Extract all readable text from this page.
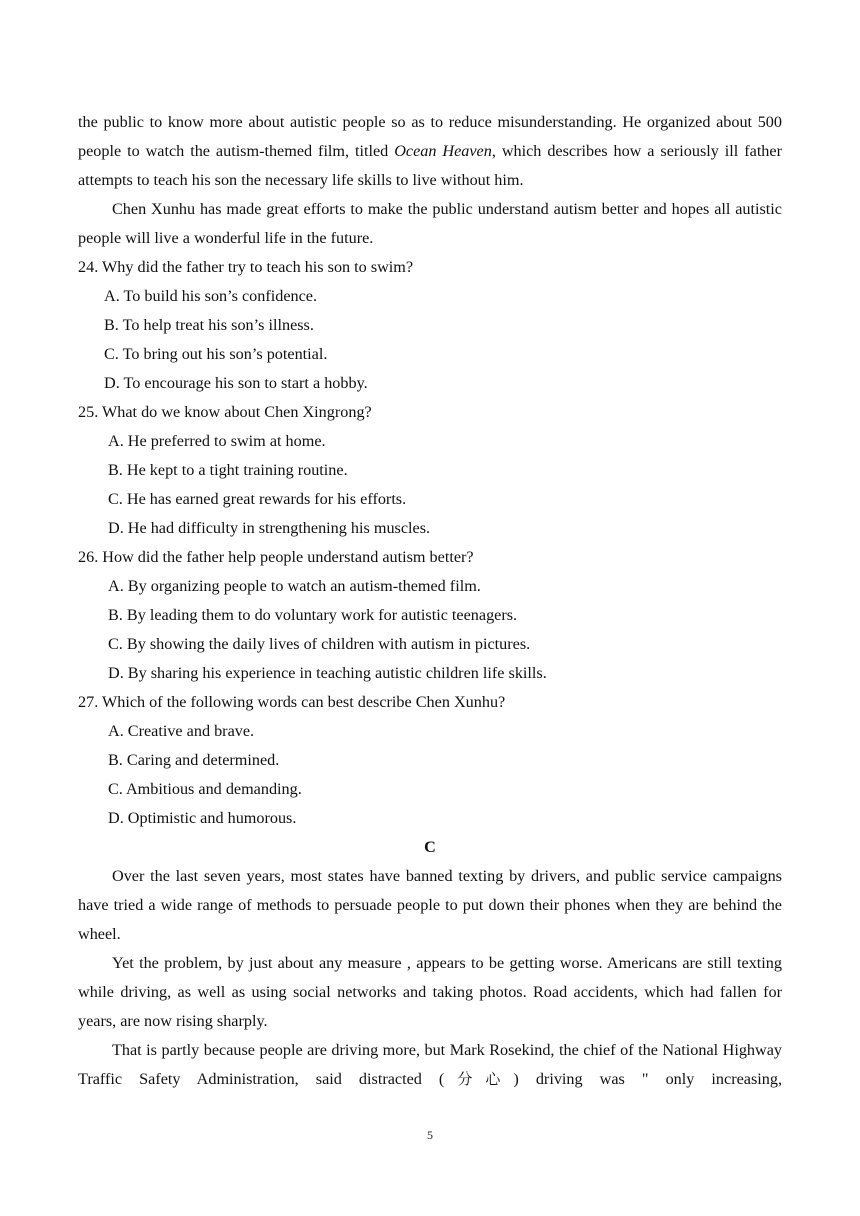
the public to know more about autistic people so as to reduce misunderstanding. He organized about 500 people to watch the autism-themed film, titled Ocean Heaven, which describes how a seriously ill father attempts to teach his son the necessary life skills to live without him.

Chen Xunhu has made great efforts to make the public understand autism better and hopes all autistic people will live a wonderful life in the future.

24. Why did the father try to teach his son to swim?

A. To build his son’s confidence.

B. To help treat his son’s illness.

C. To bring out his son’s potential.

D. To encourage his son to start a hobby.

25. What do we know about Chen Xingrong?

A. He preferred to swim at home.

B. He kept to a tight training routine.

C. He has earned great rewards for his efforts.

D. He had difficulty in strengthening his muscles.

26. How did the father help people understand autism better?

A. By organizing people to watch an autism-themed film.

B. By leading them to do voluntary work for autistic teenagers.

C. By showing the daily lives of children with autism in pictures.

D. By sharing his experience in teaching autistic children life skills.

27. Which of the following words can best describe Chen Xunhu?

A. Creative and brave.

B. Caring and determined.

C. Ambitious and demanding.

D. Optimistic and humorous.

C

Over the last seven years, most states have banned texting by drivers, and public service campaigns have tried a wide range of methods to persuade people to put down their phones when they are behind the wheel.

Yet the problem, by just about any measure , appears to be getting worse. Americans are still texting while driving, as well as using social networks and taking photos. Road accidents, which had fallen for years, are now rising sharply.

That is partly because people are driving more, but Mark Rosekind, the chief of the National Highway Traffic Safety Administration, said distracted (分心) driving was " only increasing,

5
